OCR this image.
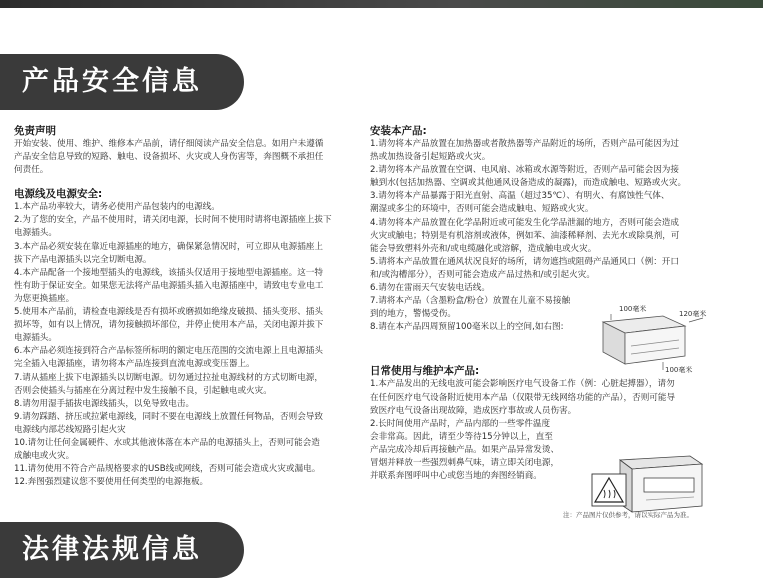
产品安全信息
免责声明

开始安装、使用、维护、维修本产品前，请仔细阅读产品安全信息。如用户未遵循

产品安全信息导致的短路、触电、设备损坏、火灾或人身伤害等，奔图概不承担任

何责任。

电源线及电源安全:

1.本产品功率较大，请务必使用产品包装内的电源线。

2.为了您的安全，产品不使用时，请关闭电源，长时间不使用时请将电源插座上拔下

电源插头。

3.本产品必须安装在靠近电源插座的地方，确保紧急情况时，可立即从电源插座上

拔下产品电源插头以完全切断电源。

4.本产品配备一个接地型插头的电源线，该插头仅适用于接地型电源插座。这一特

性有助于保证安全。如果您无法将产品电源插头插入电源插座中，请致电专业电工

为您更换插座。

5.使用本产品前，请检查电源线是否有损坏或磨损如绝缘皮破损、插头变形、插头

损坏等，如有以上情况，请勿接触损坏部位，并停止使用本产品，关闭电源并拔下

电源插头。

6.本产品必须连接到符合产品标签所标明的额定电压范围的交流电源上且电源插头

完全插入电源插座，请勿将本产品连接到直流电源或变压器上。

7.请从插座上拔下电源插头以切断电源。切勿通过拉扯电源线材的方式切断电源，

否则会使插头与插座在分离过程中发生接触不良，引起触电或火灾。

8.请勿用湿手插拔电源线插头，以免导致电击。

9.请勿踩踏、挤压或拉紧电源线，同时不要在电源线上放置任何物品，否则会导致

电源线内部芯线短路引起火灾

10.请勿让任何金属硬件、水或其他液体落在本产品的电源插头上，否则可能会造

成触电或火灾。

11.请勿使用不符合产品规格要求的USB线或网线，否则可能会造成火灾或漏电。

12.奔图强烈建议您不要使用任何类型的电源拖板。

安装本产品:

1.请勿将本产品放置在加热器或者散热器等产品附近的场所，否则产品可能因为过

热或加热设备引起短路或火灾。

2.请勿将本产品放置在空调、电风扇、冰箱或水源等附近，否则产品可能会因为接

触到水(包括加热器、空调或其他通风设备造成的凝露)，而造成触电、短路或火灾。

3.请勿将本产品暴露于阳光直射、高温（超过35℃）、有明火、有腐蚀性气体、

潮湿或多尘的环境中，否则可能会造成触电、短路或火灾。

4.请勿将本产品放置在化学品附近或可能发生化学品泄漏的地方，否则可能会造成

火灾或触电；特别是有机溶剂或液体，例如苯、油漆稀释剂、去光水或除臭剂，可

能会导致塑料外壳和/或电缆融化或溶解，造成触电或火灾。

5.请将本产品放置在通风状况良好的场所，请勿遮挡或阻碍产品通风口（例：开口

和/或沟槽部分），否则可能会造成产品过热和/或引起火灾。

6.请勿在雷雨天气安装电话线。

7.请将本产品（含墨粉盒/粉仓）放置在儿童不易接触

到的地方，警惕受伤。

8.请在本产品四周预留100毫米以上的空间,如右图:

日常使用与维护本产品:

1.本产品发出的无线电波可能会影响医疗电气设备工作（例：心脏起搏器），请勿

在任何医疗电气设备附近使用本产品（仅限带无线网络功能的产品），否则可能导

致医疗电气设备出现故障，造成医疗事故或人员伤害。

2.长时间使用产品时，产品内部的一些零件温度

会非常高。因此，请至少等待15分钟以上，直至

产品完成冷却后再接触产品。如果产品异常发烫、

冒烟并释放一些强烈刺鼻气味，请立即关闭电源，

并联系奔图呼叫中心或您当地的奔图经销商。

100毫米
120毫米
100毫米
注：产品图片仅供参考，请以实际产品为准。
法律法规信息
